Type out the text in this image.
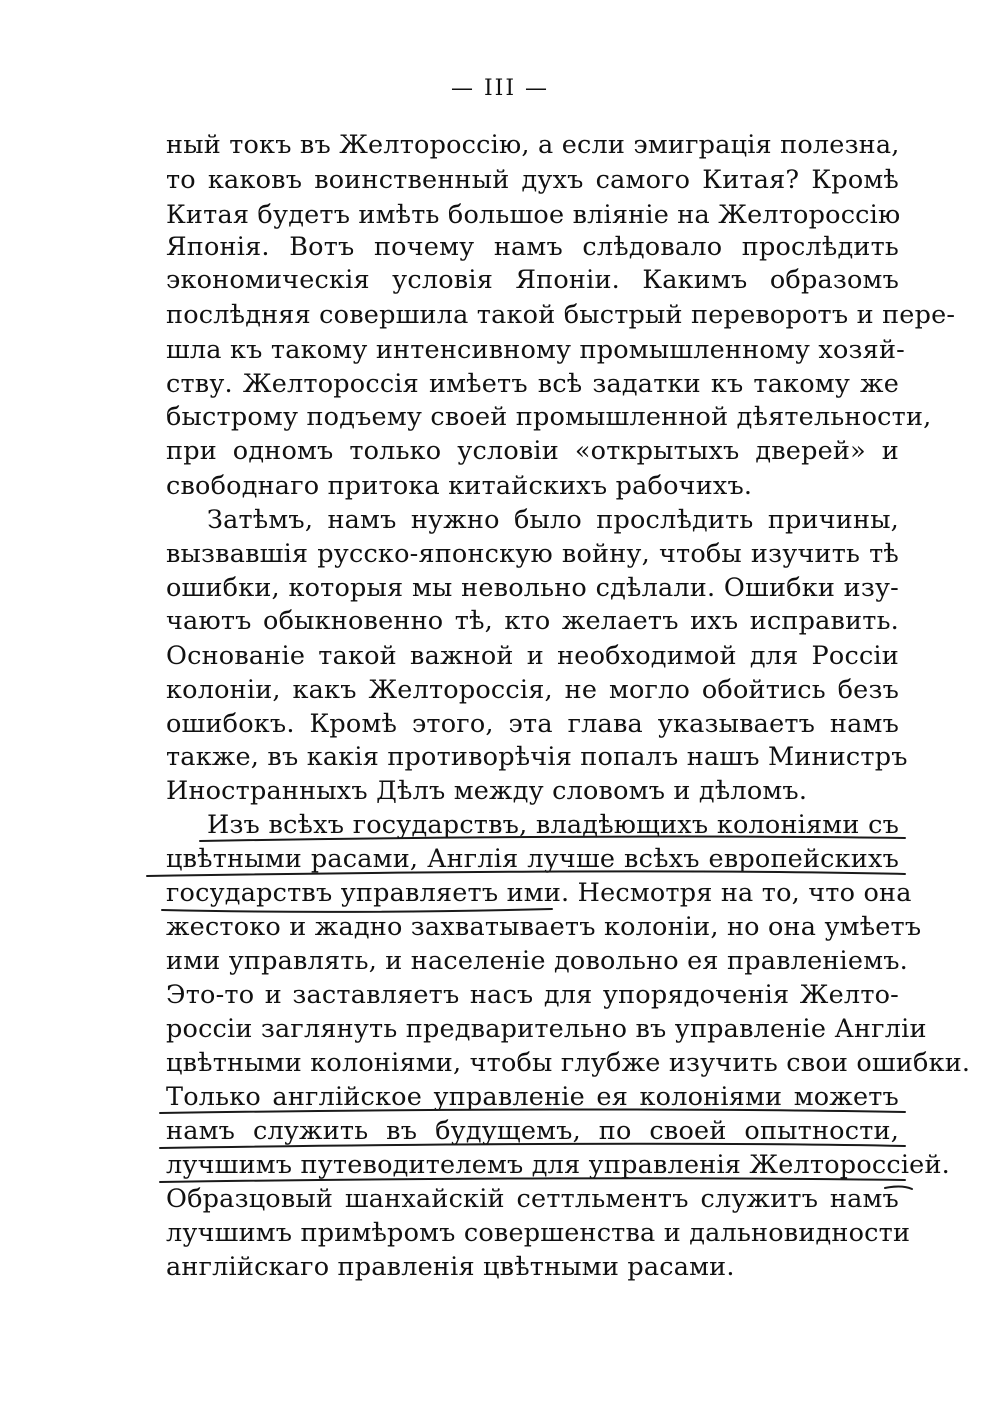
— III —
ный токъ въ Желтороссію, а если эмиграція полезна,
то каковъ воинственный духъ самого Китая? Кромѣ
Китая будетъ имѣть большое вліяніе на Желтороссію
Японія. Вотъ почему намъ слѣдовало прослѣдить
экономическія условія Японіи. Какимъ образомъ
послѣдняя совершила такой быстрый переворотъ и пере-
шла къ такому интенсивному промышленному хозяй-
ству. Желтороссія имѣетъ всѣ задатки къ такому же
быстрому подъему своей промышленной дѣятельности,
при одномъ только условіи «открытыхъ дверей» и
свободнаго притока китайскихъ рабочихъ.
Затѣмъ, намъ нужно было прослѣдить причины,
вызвавшія русско-японскую войну, чтобы изучить тѣ
ошибки, которыя мы невольно сдѣлали. Ошибки изу-
чаютъ обыкновенно тѣ, кто желаетъ ихъ исправить.
Основаніе такой важной и необходимой для Россіи
колоніи, какъ Желтороссія, не могло обойтись безъ
ошибокъ. Кромѣ этого, эта глава указываетъ намъ
также, въ какія противорѣчія попалъ нашъ Министръ
Иностранныхъ Дѣлъ между словомъ и дѣломъ.
Изъ всѣхъ государствъ, владѣющихъ колоніями съ
цвѣтными расами, Англія лучше всѣхъ европейскихъ
государствъ управляетъ ими. Несмотря на то, что она
жестоко и жадно захватываетъ колоніи, но она умѣетъ
ими управлять, и населеніе довольно ея правленіемъ.
Это-то и заставляетъ насъ для упорядоченія Желто-
россіи заглянуть предварительно въ управленіе Англіи
цвѣтными колоніями, чтобы глубже изучить свои ошибки.
Только англійское управленіе ея колоніями можетъ
намъ служить въ будущемъ, по своей опытности,
лучшимъ путеводителемъ для управленія Желтороссіей.
Образцовый шанхайскій сеттльментъ служитъ намъ
лучшимъ примѣромъ совершенства и дальновидности
англійскаго правленія цвѣтными расами.
